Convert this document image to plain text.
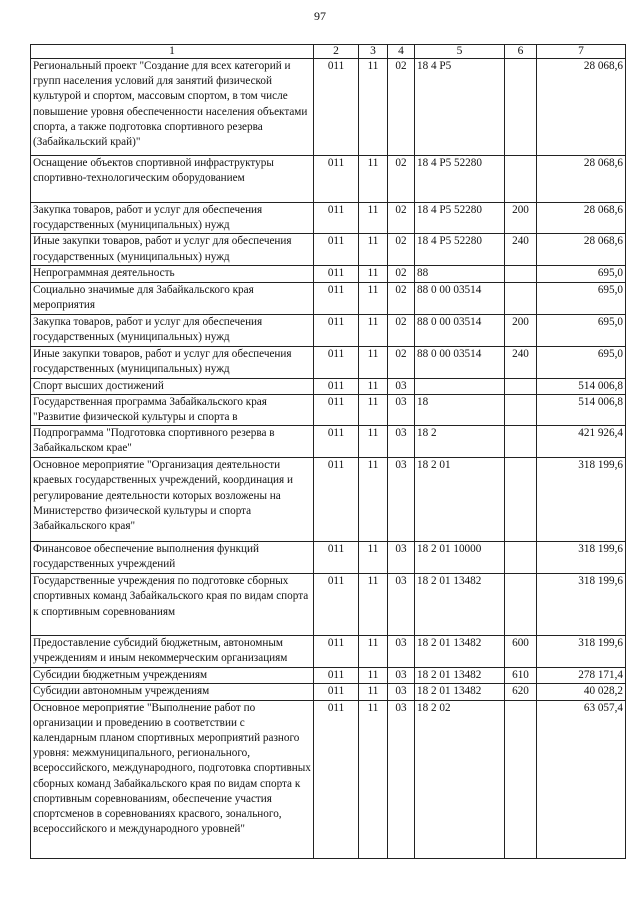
97
1	2	3	4	5	6	7
Региональный проект "Создание для всех категорий и групп населения условий для занятий физической культурой и спортом, массовым спортом, в том числе повышение уровня обеспеченности населения объектами спорта, а также подготовка спортивного резерва (Забайкальский край)"	011	11	02	18 4 P5		28 068,6
Оснащение объектов спортивной инфраструктуры спортивно-технологическим оборудованием	011	11	02	18 4 P5 52280		28 068,6
Закупка товаров, работ и услуг для обеспечения государственных (муниципальных) нужд	011	11	02	18 4 P5 52280	200	28 068,6
Иные закупки товаров, работ и услуг для обеспечения государственных (муниципальных) нужд	011	11	02	18 4 P5 52280	240	28 068,6
Непрограммная деятельность	011	11	02	88		695,0
Социально значимые для Забайкальского края мероприятия	011	11	02	88 0 00 03514		695,0
Закупка товаров, работ и услуг для обеспечения государственных (муниципальных) нужд	011	11	02	88 0 00 03514	200	695,0
Иные закупки товаров, работ и услуг для обеспечения государственных (муниципальных) нужд	011	11	02	88 0 00 03514	240	695,0
Спорт высших достижений	011	11	03			514 006,8
Государственная программа Забайкальского края "Развитие физической культуры и спорта в	011	11	03	18		514 006,8
Подпрограмма "Подготовка спортивного резерва в Забайкальском крае"	011	11	03	18 2		421 926,4
Основное мероприятие "Организация деятельности краевых государственных учреждений, координация и регулирование деятельности которых возложены на Министерство физической культуры и спорта Забайкальского края"	011	11	03	18 2 01		318 199,6
Финансовое обеспечение выполнения функций государственных учреждений	011	11	03	18 2 01 10000		318 199,6
Государственные учреждения по подготовке сборных спортивных команд Забайкальского края по видам спорта к спортивным соревнованиям	011	11	03	18 2 01 13482		318 199,6
Предоставление субсидий бюджетным, автономным учреждениям и иным некоммерческим организациям	011	11	03	18 2 01 13482	600	318 199,6
Субсидии бюджетным учреждениям	011	11	03	18 2 01 13482	610	278 171,4
Субсидии автономным учреждениям	011	11	03	18 2 01 13482	620	40 028,2
Основное мероприятие "Выполнение работ по организации и проведению в соответствии с календарным планом спортивных мероприятий разного уровня: межмуниципального, регионального, всероссийского, международного, подготовка спортивных сборных команд Забайкальского края по видам спорта к спортивным соревнованиям, обеспечение участия спортсменов в соревнованиях красвого, зонального, всероссийского и международного уровней"	011	11	03	18 2 02		63 057,4
